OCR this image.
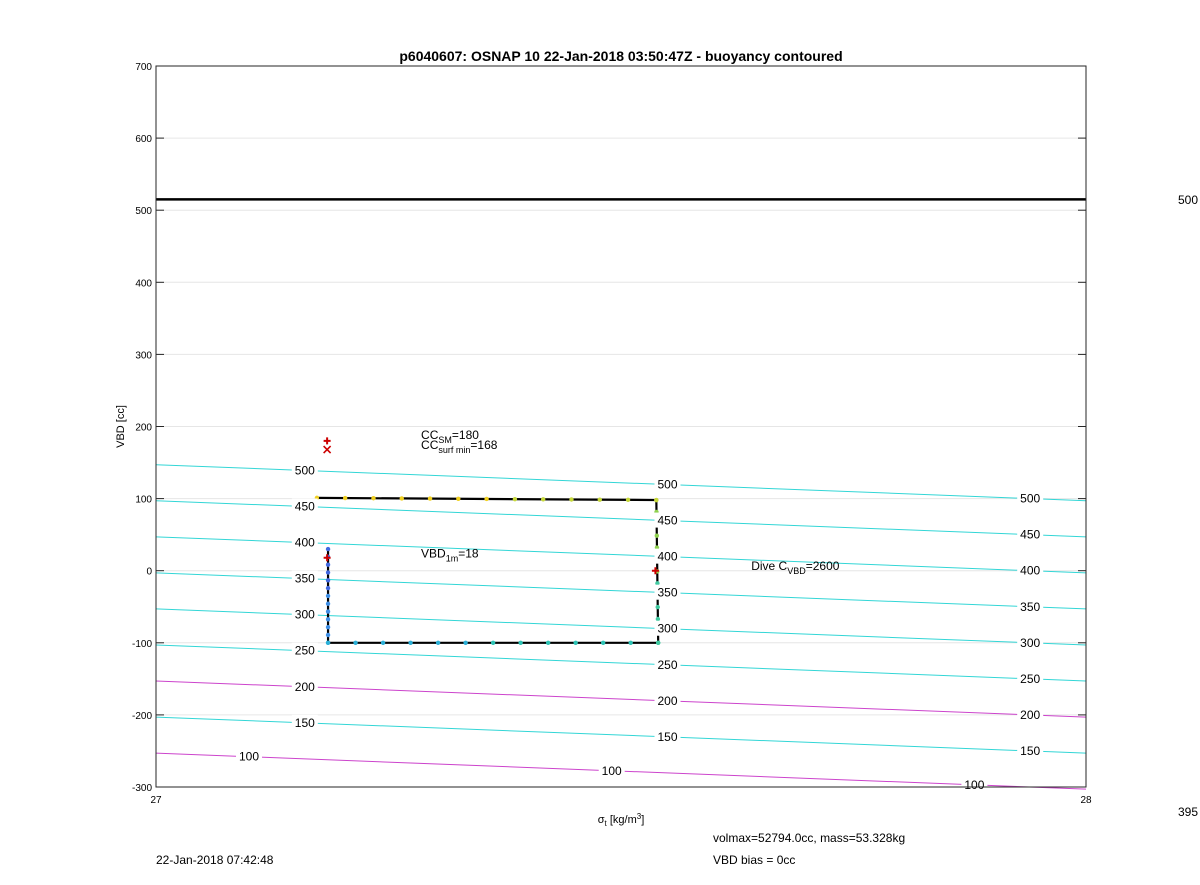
100
100
100
150
150
150
200
200
200
250
250
250
300
300
300
350
350
350
400
400
400
450
450
450
500
500
500
$CC_{SM}=180$
$CC_{surf min}=168$
$VBD_{1m}=18$
Dive $C_{VBD}=2600$
-300
-200
-100
0
100
200
300
400
500
600
700
27	28
p6040607: OSNAP 10 22-Jan-2018 03:50:47Z - buoyancy contoured
VBD [cc]
$\sigma_t$ $[kg/m^3]$
500
395
volmax=52794.0cc, mass=53.328kg
VBD bias = 0cc
22-Jan-2018 07:42:48
